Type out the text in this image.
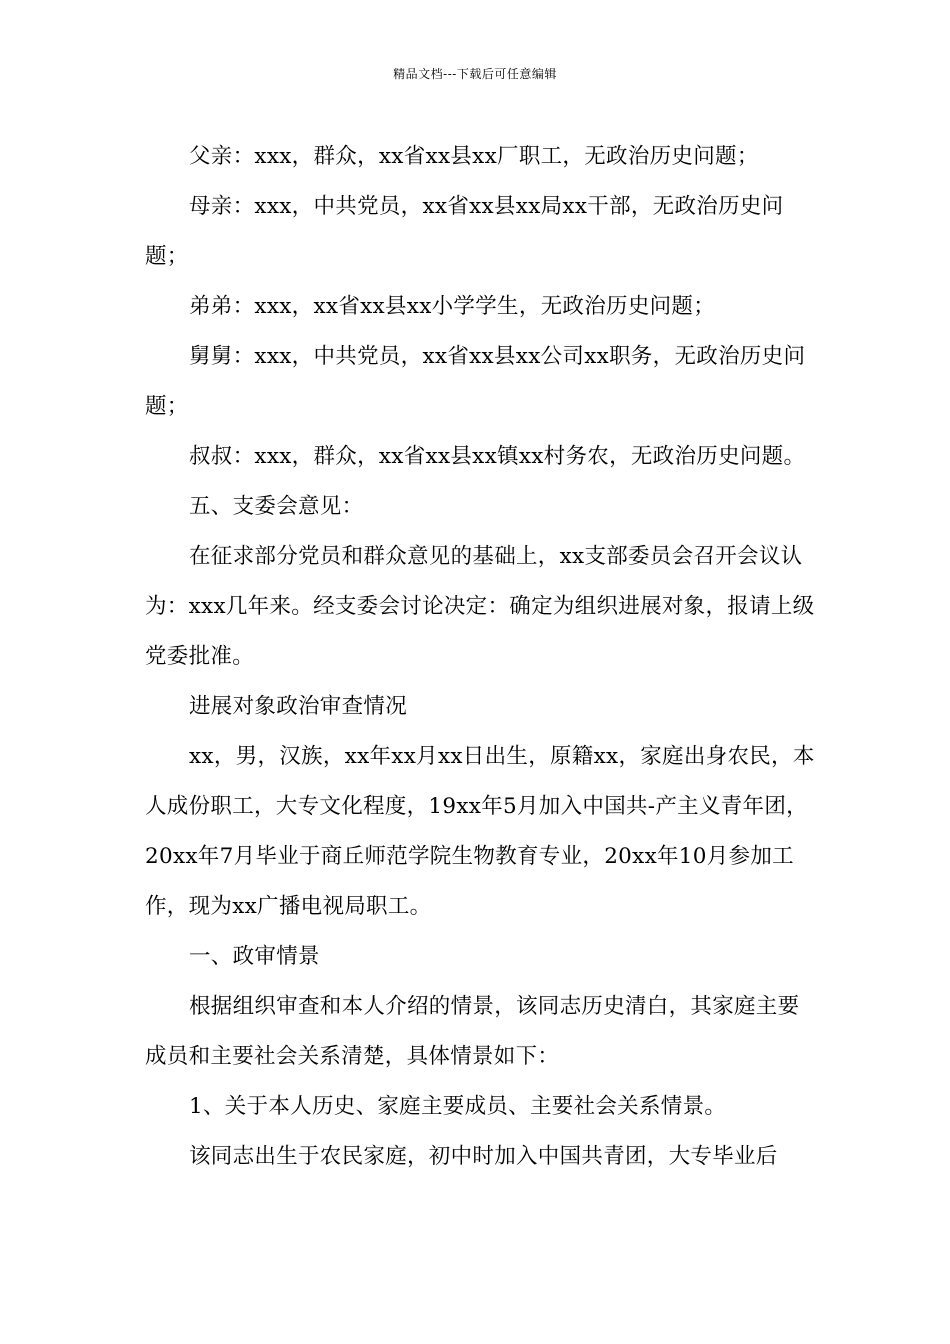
精品文档---下载后可任意编辑

父亲：xxx，群众，xx省xx县xx厂职工，无政治历史问题；

母亲：xxx，中共党员，xx省xx县xx局xx干部，无政治历史问题；

弟弟：xxx，xx省xx县xx小学学生，无政治历史问题；

舅舅：xxx，中共党员，xx省xx县xx公司xx职务，无政治历史问题；

叔叔：xxx，群众，xx省xx县xx镇xx村务农，无政治历史问题。

五、支委会意见：

在征求部分党员和群众意见的基础上，xx支部委员会召开会议认为：xxx几年来。经支委会讨论决定：确定为组织进展对象，报请上级党委批准。

进展对象政治审查情况

xx，男，汉族，xx年xx月xx日出生，原籍xx，家庭出身农民，本人成份职工，大专文化程度，19xx年5月加入中国共-产主义青年团，20xx年7月毕业于商丘师范学院生物教育专业，20xx年10月参加工作，现为xx广播电视局职工。

一、政审情景

根据组织审查和本人介绍的情景，该同志历史清白，其家庭主要成员和主要社会关系清楚，具体情景如下：

1、关于本人历史、家庭主要成员、主要社会关系情景。

该同志出生于农民家庭，初中时加入中国共青团，大专毕业后
